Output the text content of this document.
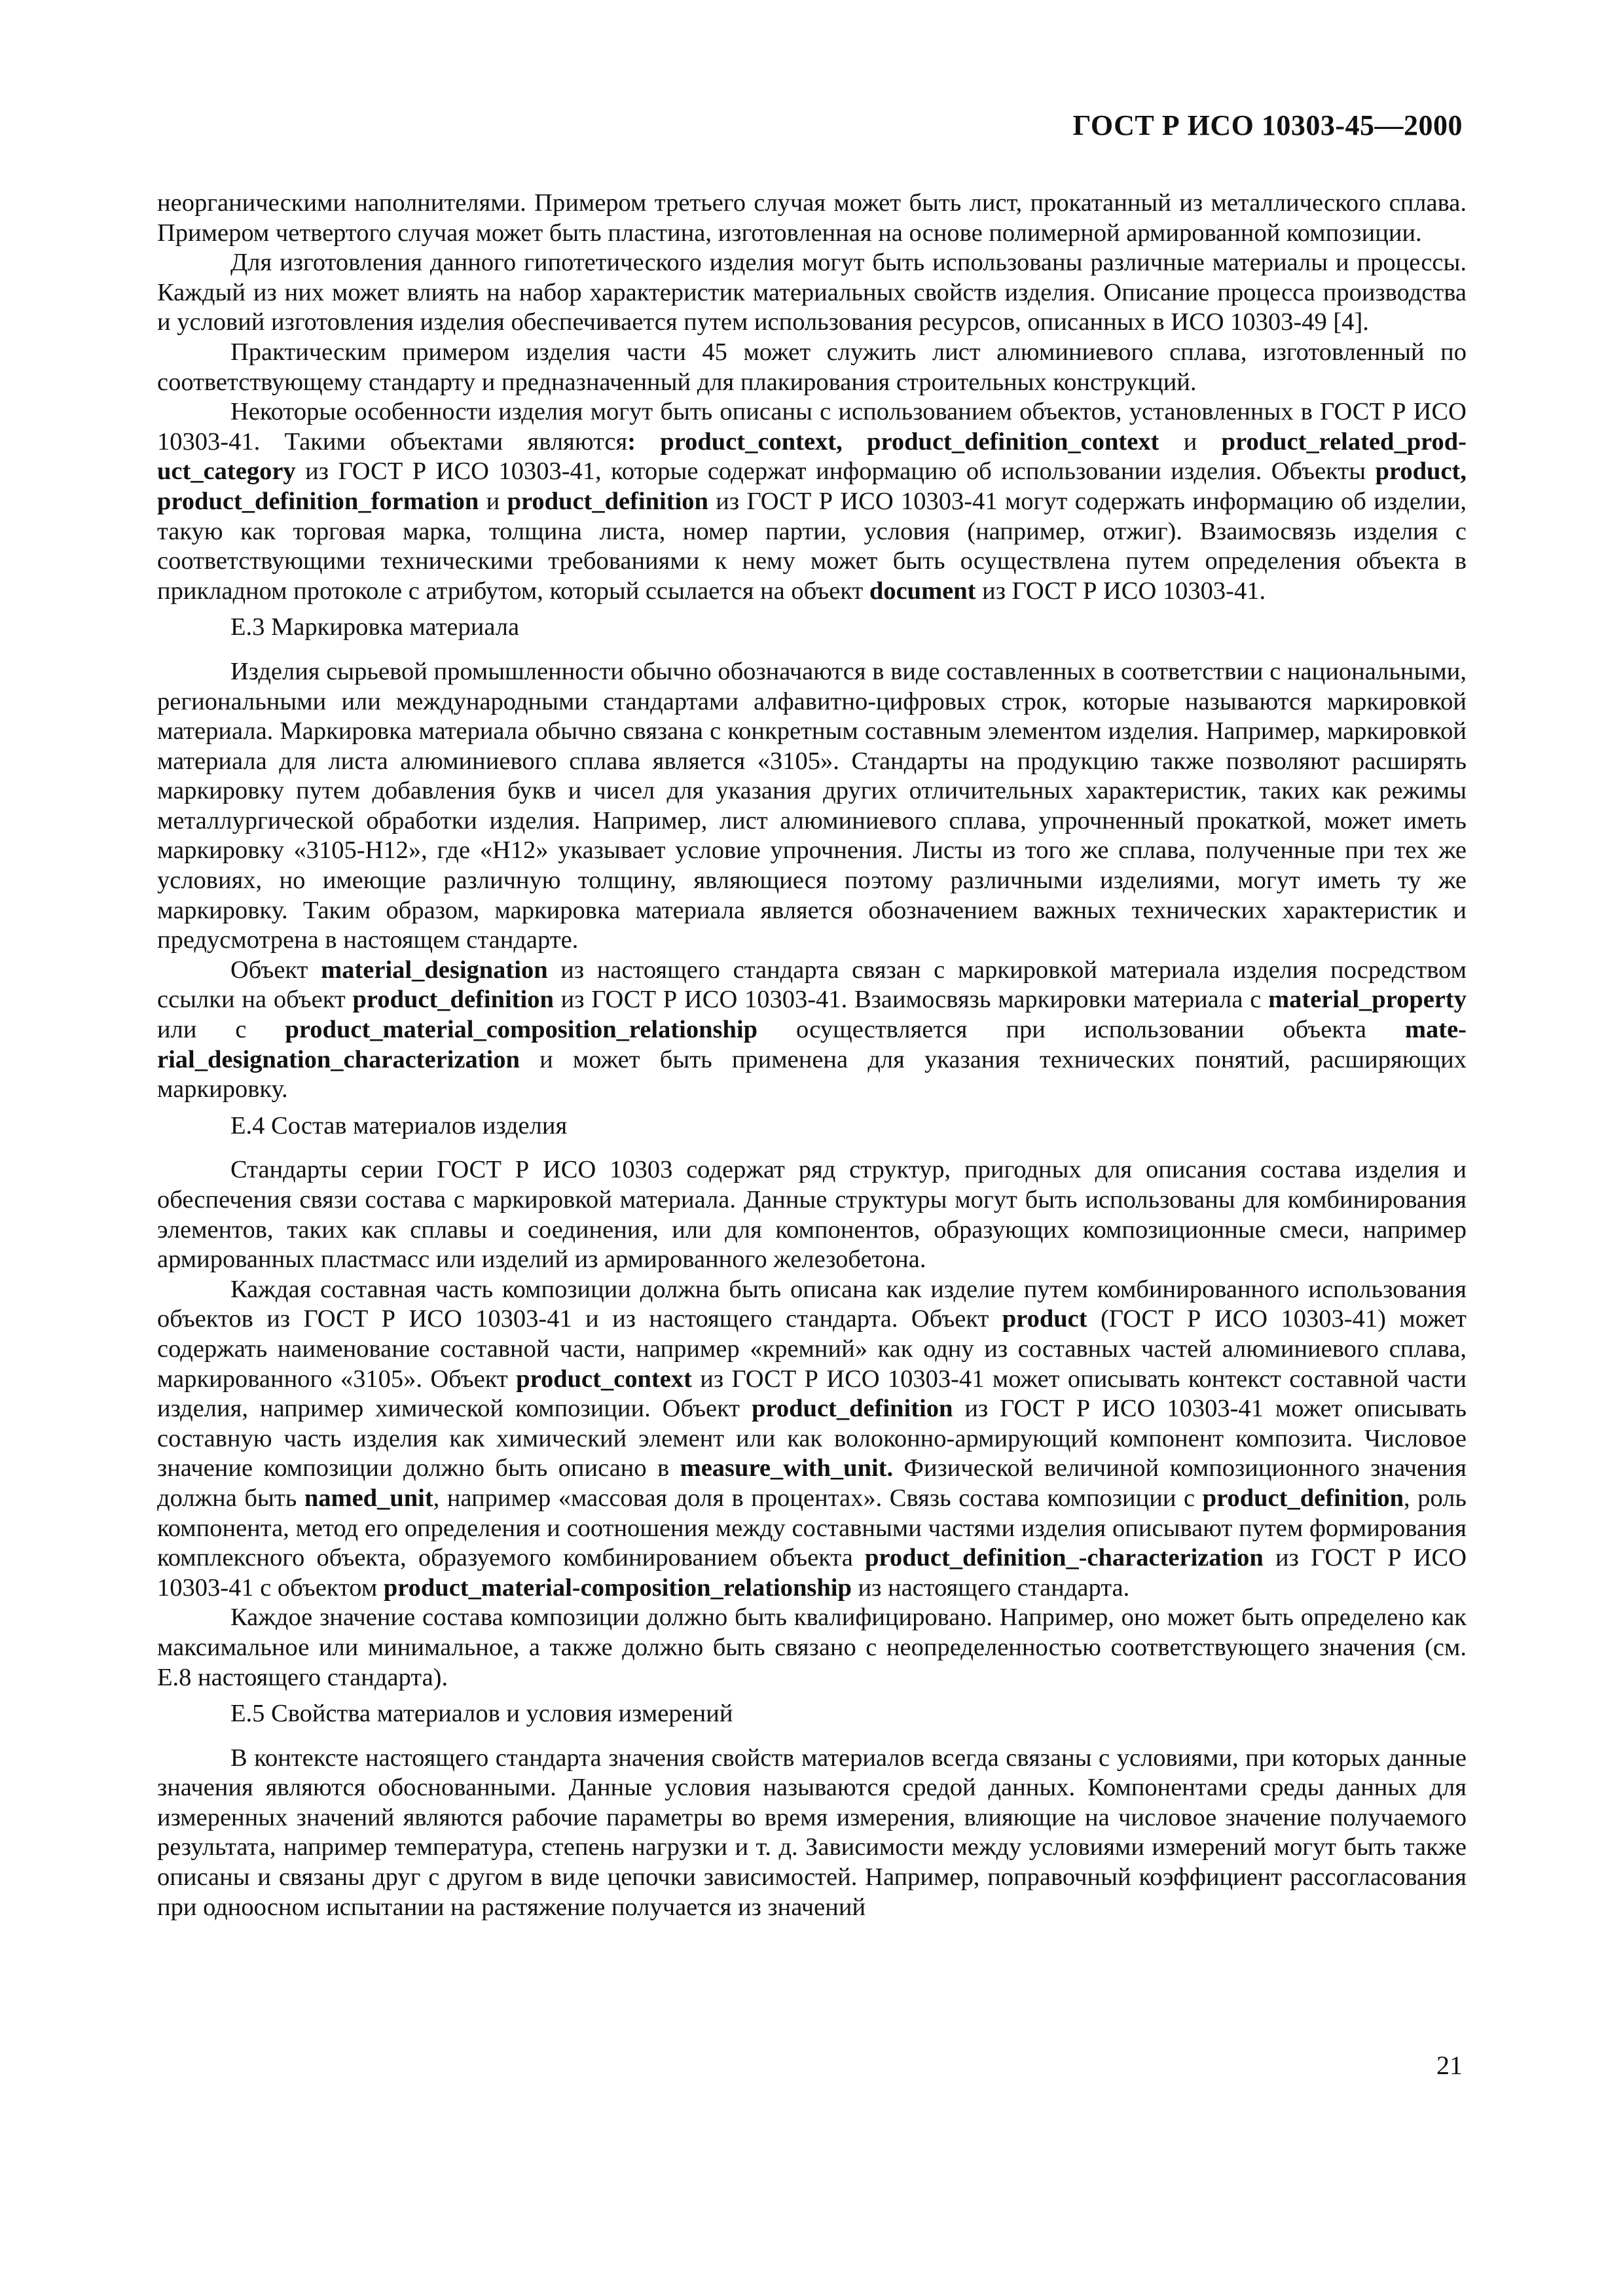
ГОСТ Р ИСО 10303-45—2000

неорганическими наполнителями. Примером третьего случая может быть лист, прокатанный из металлического сплава. Примером четвертого случая может быть пластина, изготовленная на основе полимерной армированной композиции.

Для изготовления данного гипотетического изделия могут быть использованы различные материалы и процессы. Каждый из них может влиять на набор характеристик материальных свойств изделия. Описание процесса производства и условий изготовления изделия обеспечивается путем использования ресурсов, описанных в ИСО 10303-49 [4].

Практическим примером изделия части 45 может служить лист алюминиевого сплава, изготовленный по соответствующему стандарту и предназначенный для плакирования строительных конструкций.

Некоторые особенности изделия могут быть описаны с использованием объектов, установленных в ГОСТ Р ИСО 10303-41. Такими объектами являются: product_context, product_definition_context и product_related_product_category из ГОСТ Р ИСО 10303-41, которые содержат информацию об использовании изделия. Объекты product, product_definition_formation и product_definition из ГОСТ Р ИСО 10303-41 могут содержать информацию об изделии, такую как торговая марка, толщина листа, номер партии, условия (например, отжиг). Взаимосвязь изделия с соответствующими техническими требованиями к нему может быть осуществлена путем определения объекта в прикладном протоколе с атрибутом, который ссылается на объект document из ГОСТ Р ИСО 10303-41.

Е.3 Маркировка материала

Изделия сырьевой промышленности обычно обозначаются в виде составленных в соответствии с национальными, региональными или международными стандартами алфавитно-цифровых строк, которые называются маркировкой материала. Маркировка материала обычно связана с конкретным составным элементом изделия. Например, маркировкой материала для листа алюминиевого сплава является «3105». Стандарты на продукцию также позволяют расширять маркировку путем добавления букв и чисел для указания других отличительных характеристик, таких как режимы металлургической обработки изделия. Например, лист алюминиевого сплава, упрочненный прокаткой, может иметь маркировку «3105-Н12», где «Н12» указывает условие упрочнения. Листы из того же сплава, полученные при тех же условиях, но имеющие различную толщину, являющиеся поэтому различными изделиями, могут иметь ту же маркировку. Таким образом, маркировка материала является обозначением важных технических характеристик и предусмотрена в настоящем стандарте.

Объект material_designation из настоящего стандарта связан с маркировкой материала изделия посредством ссылки на объект product_definition из ГОСТ Р ИСО 10303-41. Взаимосвязь маркировки материала с material_property или с product_material_composition_relationship осуществляется при использовании объекта material_designation_characterization и может быть применена для указания технических понятий, расширяющих маркировку.

Е.4 Состав материалов изделия

Стандарты серии ГОСТ Р ИСО 10303 содержат ряд структур, пригодных для описания состава изделия и обеспечения связи состава с маркировкой материала. Данные структуры могут быть использованы для комбинирования элементов, таких как сплавы и соединения, или для компонентов, образующих композиционные смеси, например армированных пластмасс или изделий из армированного железобетона.

Каждая составная часть композиции должна быть описана как изделие путем комбинированного использования объектов из ГОСТ Р ИСО 10303-41 и из настоящего стандарта. Объект product (ГОСТ Р ИСО 10303-41) может содержать наименование составной части, например «кремний» как одну из составных частей алюминиевого сплава, маркированного «3105». Объект product_context из ГОСТ Р ИСО 10303-41 может описывать контекст составной части изделия, например химической композиции. Объект product_definition из ГОСТ Р ИСО 10303-41 может описывать составную часть изделия как химический элемент или как волоконно-армирующий компонент композита. Числовое значение композиции должно быть описано в measure_with_unit. Физической величиной композиционного значения должна быть named_unit, например «массовая доля в процентах». Связь состава композиции с product_definition, роль компонента, метод его определения и соотношения между составными частями изделия описывают путем формирования комплексного объекта, образуемого комбинированием объекта product_definition_-characterization из ГОСТ Р ИСО 10303-41 с объектом product_material-composition_relationship из настоящего стандарта.

Каждое значение состава композиции должно быть квалифицировано. Например, оно может быть определено как максимальное или минимальное, а также должно быть связано с неопределенностью соответствующего значения (см. Е.8 настоящего стандарта).

Е.5 Свойства материалов и условия измерений

В контексте настоящего стандарта значения свойств материалов всегда связаны с условиями, при которых данные значения являются обоснованными. Данные условия называются средой данных. Компонентами среды данных для измеренных значений являются рабочие параметры во время измерения, влияющие на числовое значение получаемого результата, например температура, степень нагрузки и т. д. Зависимости между условиями измерений могут быть также описаны и связаны друг с другом в виде цепочки зависимостей. Например, поправочный коэффициент рассогласования при одноосном испытании на растяжение получается из значений

21
